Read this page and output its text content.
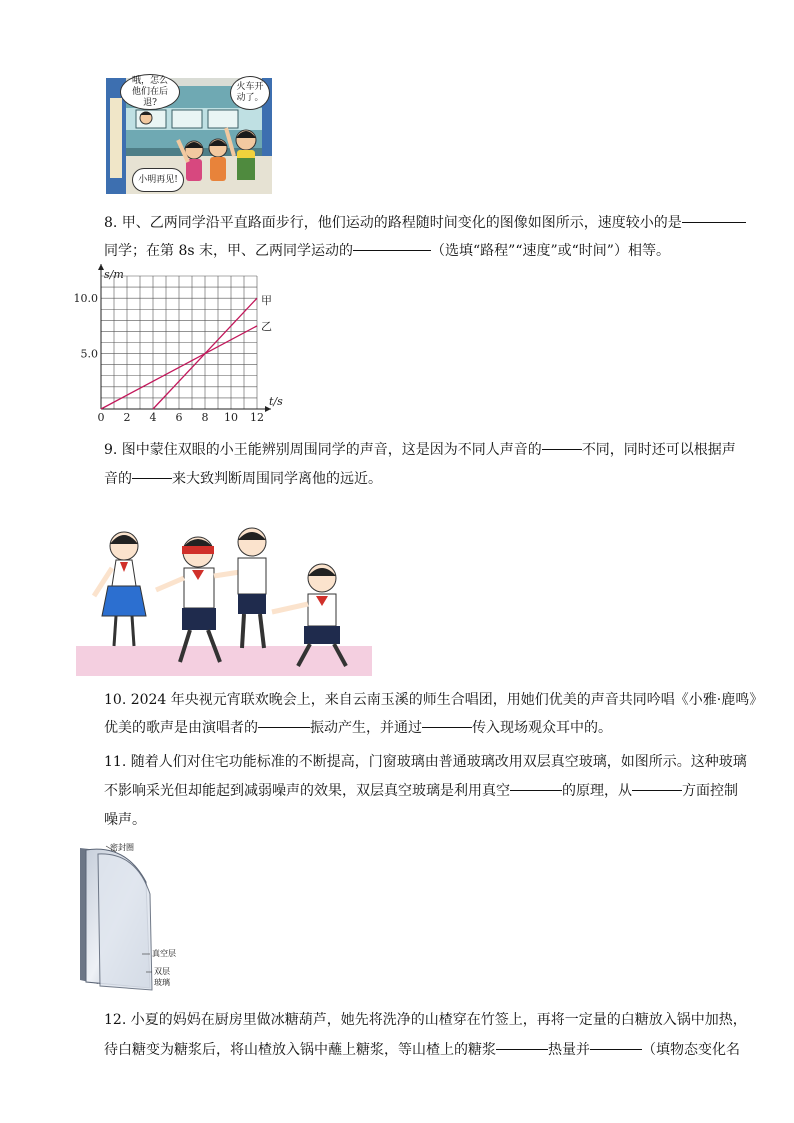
哦，怎么他们在后退?
火车开动了。
小明再见!
8. 甲、乙两同学沿平直路面步行，他们运动的路程随时间变化的图像如图所示，速度较小的是
同学；在第 8s 末，甲、乙两同学运动的	（选填“路程”“速度”或“时间”）相等。
甲
乙
0 2 4 6 8 10 12
5.0
10.0
t/s
s/m
9. 图中蒙住双眼的小王能辨别周围同学的声音，这是因为不同人声音的	不同，同时还可以根据声
音的	来大致判断周围同学离他的远近。
10. 2024 年央视元宵联欢晚会上，来自云南玉溪的师生合唱团，用她们优美的声音共同吟唱《小雅·鹿鸣》
优美的歌声是由演唱者的	振动产生，并通过	传入现场观众耳中的。
11. 随着人们对住宅功能标准的不断提高，门窗玻璃由普通玻璃改用双层真空玻璃，如图所示。这种玻璃
不影响采光但却能起到减弱噪声的效果，双层真空玻璃是利用真空	的原理，从	方面控制
噪声。
密封圈
真空层
双层
玻璃
12. 小夏的妈妈在厨房里做冰糖葫芦，她先将洗净的山楂穿在竹签上，再将一定量的白糖放入锅中加热，
待白糖变为糖浆后，将山楂放入锅中蘸上糖浆，等山楂上的糖浆	热量并	（填物态变化名
